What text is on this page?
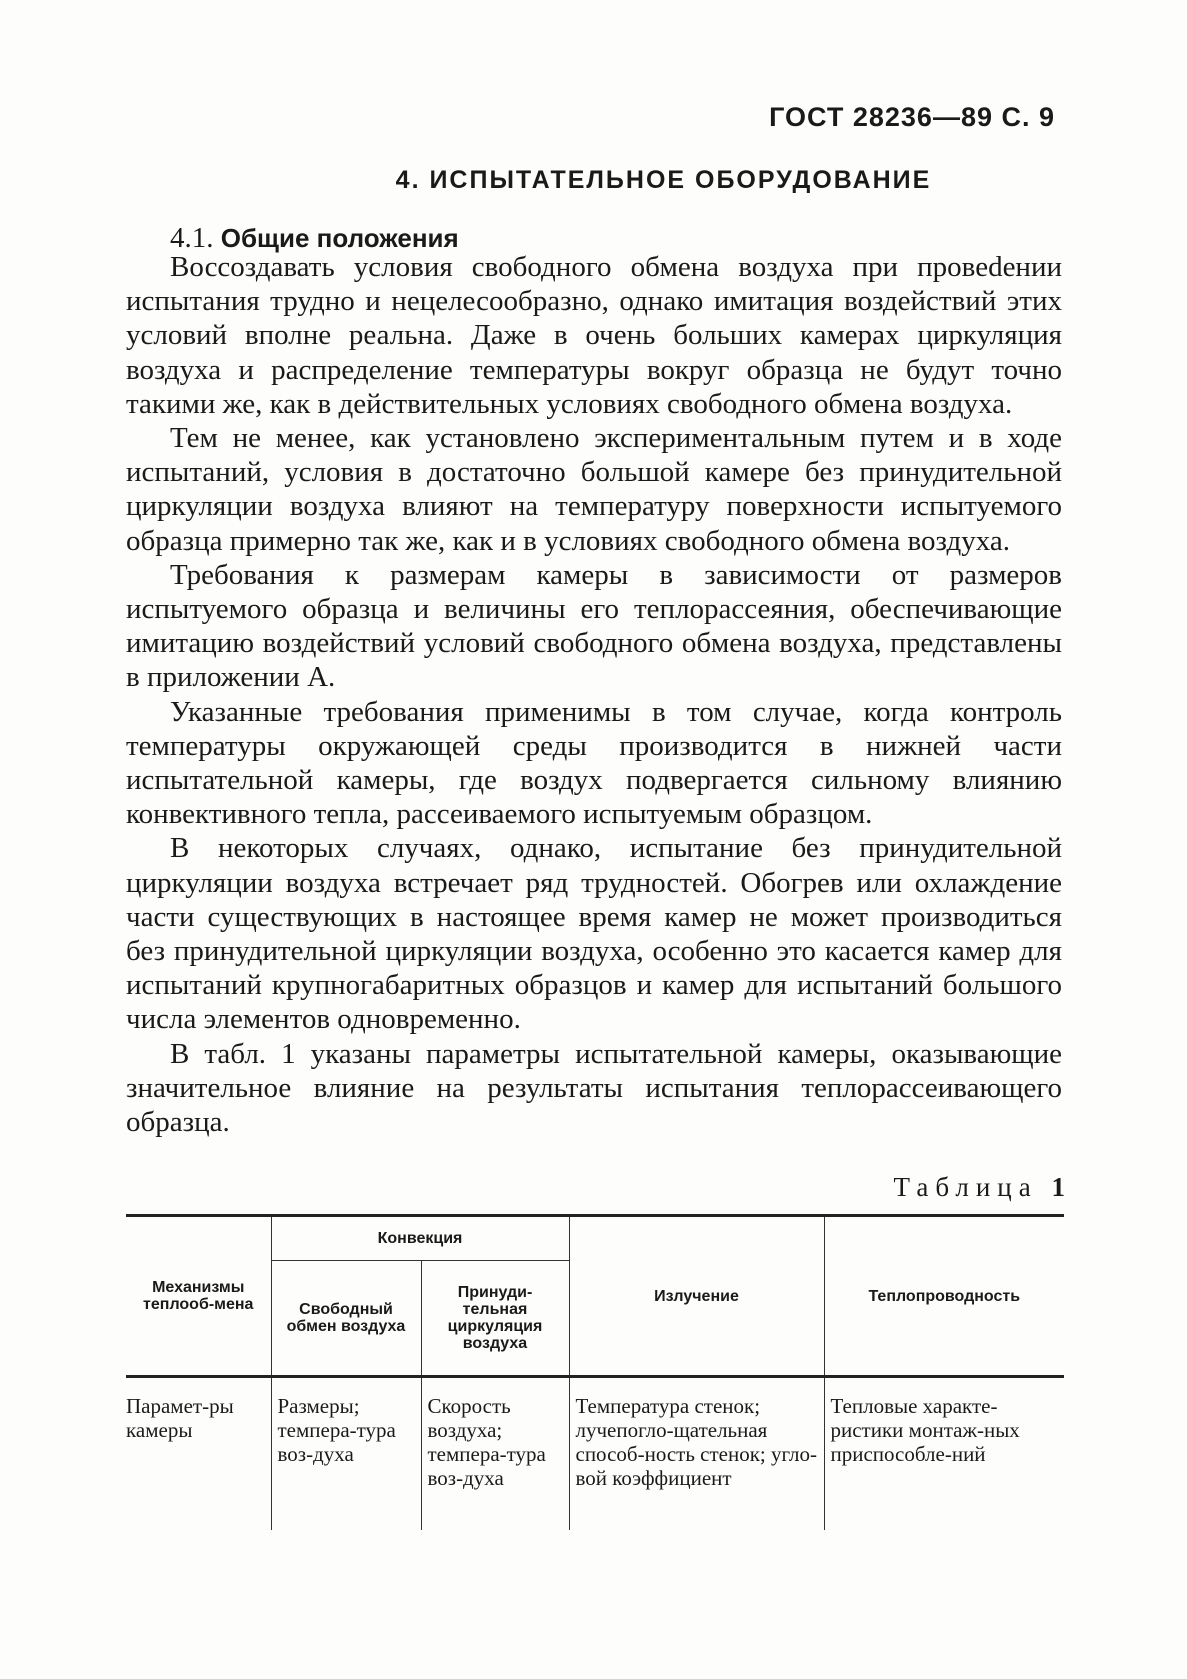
ГОСТ 28236—89 С. 9
4. ИСПЫТАТЕЛЬНОЕ ОБОРУДОВАНИЕ
4.1. Общие положения

Воссоздавать условия свободного обмена воздуха при провеdении испытания трудно и нецелесообразно, однако имитация воздействий этих условий вполне реальна. Даже в очень больших камерах циркуляция воздуха и распределение температуры вокруг образца не будут точно такими же, как в действительных условиях свободного обмена воздуха.

Тем не менее, как установлено экспериментальным путем и в ходе испытаний, условия в достаточно большой камере без принудительной циркуляции воздуха влияют на температуру поверхности испытуемого образца примерно так же, как и в условиях свободного обмена воздуха.

Требования к размерам камеры в зависимости от размеров испытуемого образца и величины его теплорассеяния, обеспечивающие имитацию воздействий условий свободного обмена воздуха, представлены в приложении А.

Указанные требования применимы в том случае, когда контроль температуры окружающей среды производится в нижней части испытательной камеры, где воздух подвергается сильному влиянию конвективного тепла, рассеиваемого испытуемым образцом.

В некоторых случаях, однако, испытание без принудительной циркуляции воздуха встречает ряд трудностей. Обогрев или охлаждение части существующих в настоящее время камер не может производиться без принудительной циркуляции воздуха, особенно это касается камер для испытаний крупногабаритных образцов и камер для испытаний большого числа элементов одновременно.

В табл. 1 указаны параметры испытательной камеры, оказывающие значительное влияние на результаты испытания теплорассеивающего образца.

Таблица 1
Механизмы теплооб-мена	Конвекция		Излучение	Теплопроводность
	Свободный обмен воздуха	Принуди-тельная циркуляция воздуха		
Парамет-ры камеры	Размеры; темпера-тура воз-духа	Скорость воздуха; темпера-тура воз-духа	Температура стенок; лучепогло-щательная способ-ность стенок; угло-вой коэффициент	Тепловые характе-ристики монтаж-ных приспособле-ний
